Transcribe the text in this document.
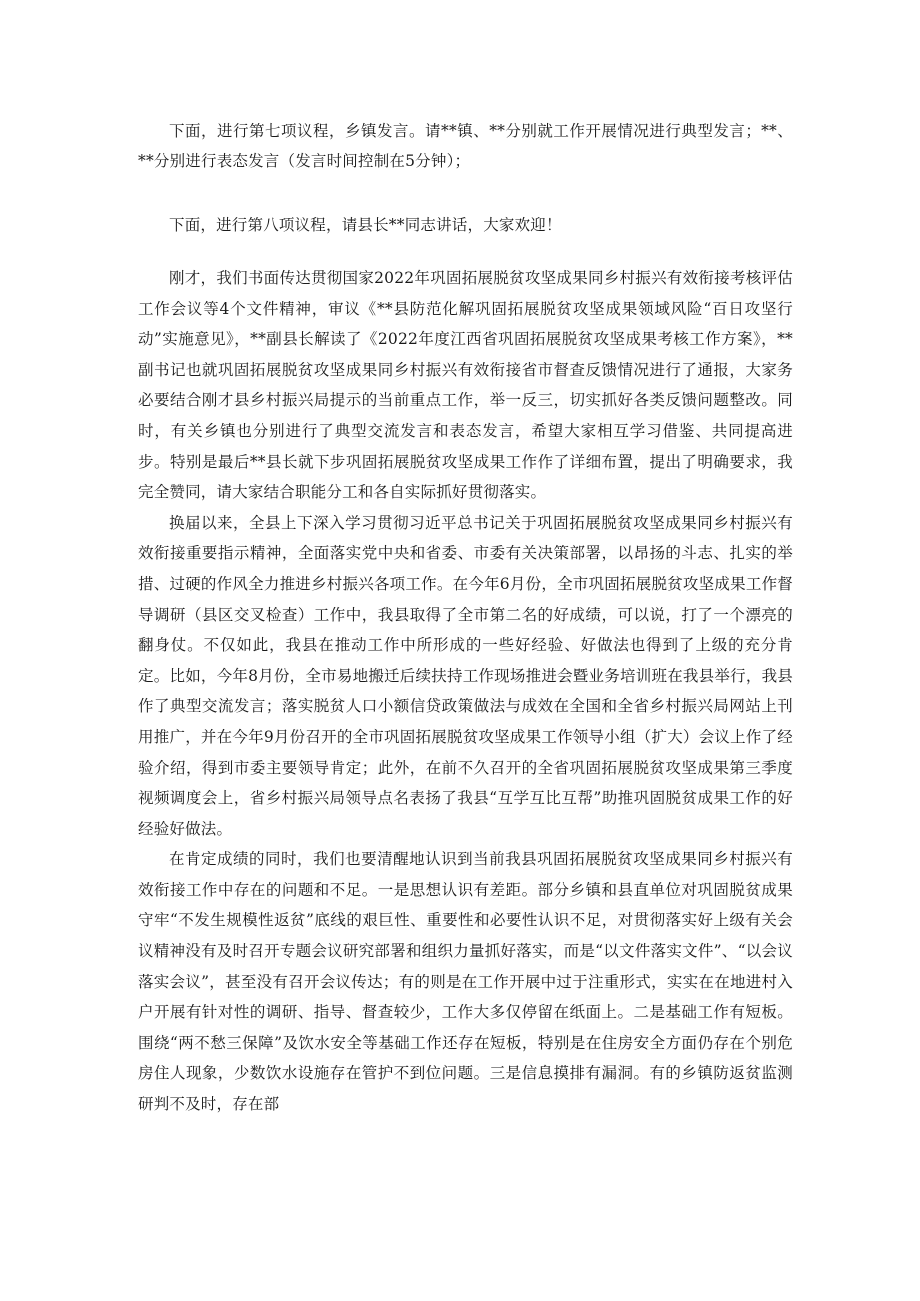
下面，进行第七项议程，乡镇发言。请**镇、**分别就工作开展情况进行典型发言；**、**分别进行表态发言（发言时间控制在5分钟）；

下面，进行第八项议程，请县长**同志讲话，大家欢迎！

刚才，我们书面传达贯彻国家2022年巩固拓展脱贫攻坚成果同乡村振兴有效衔接考核评估工作会议等4个文件精神，审议《**县防范化解巩固拓展脱贫攻坚成果领域风险“百日攻坚行动”实施意见》，**副县长解读了《2022年度江西省巩固拓展脱贫攻坚成果考核工作方案》，**副书记也就巩固拓展脱贫攻坚成果同乡村振兴有效衔接省市督查反馈情况进行了通报，大家务必要结合刚才县乡村振兴局提示的当前重点工作，举一反三，切实抓好各类反馈问题整改。同时，有关乡镇也分别进行了典型交流发言和表态发言，希望大家相互学习借鉴、共同提高进步。特别是最后**县长就下步巩固拓展脱贫攻坚成果工作作了详细布置，提出了明确要求，我完全赞同，请大家结合职能分工和各自实际抓好贯彻落实。

换届以来，全县上下深入学习贯彻习近平总书记关于巩固拓展脱贫攻坚成果同乡村振兴有效衔接重要指示精神，全面落实党中央和省委、市委有关决策部署，以昂扬的斗志、扎实的举措、过硬的作风全力推进乡村振兴各项工作。在今年6月份，全市巩固拓展脱贫攻坚成果工作督导调研（县区交叉检查）工作中，我县取得了全市第二名的好成绩，可以说，打了一个漂亮的翻身仗。不仅如此，我县在推动工作中所形成的一些好经验、好做法也得到了上级的充分肯定。比如，今年8月份，全市易地搬迁后续扶持工作现场推进会暨业务培训班在我县举行，我县作了典型交流发言；落实脱贫人口小额信贷政策做法与成效在全国和全省乡村振兴局网站上刊用推广，并在今年9月份召开的全市巩固拓展脱贫攻坚成果工作领导小组（扩大）会议上作了经验介绍，得到市委主要领导肯定；此外，在前不久召开的全省巩固拓展脱贫攻坚成果第三季度视频调度会上，省乡村振兴局领导点名表扬了我县“互学互比互帮”助推巩固脱贫成果工作的好经验好做法。

在肯定成绩的同时，我们也要清醒地认识到当前我县巩固拓展脱贫攻坚成果同乡村振兴有效衔接工作中存在的问题和不足。一是思想认识有差距。部分乡镇和县直单位对巩固脱贫成果守牢“不发生规模性返贫”底线的艰巨性、重要性和必要性认识不足，对贯彻落实好上级有关会议精神没有及时召开专题会议研究部署和组织力量抓好落实，而是“以文件落实文件”、“以会议落实会议”，甚至没有召开会议传达；有的则是在工作开展中过于注重形式，实实在在地进村入户开展有针对性的调研、指导、督查较少，工作大多仅停留在纸面上。二是基础工作有短板。围绕“两不愁三保障”及饮水安全等基础工作还存在短板，特别是在住房安全方面仍存在个别危房住人现象，少数饮水设施存在管护不到位问题。三是信息摸排有漏洞。有的乡镇防返贫监测研判不及时，存在部
